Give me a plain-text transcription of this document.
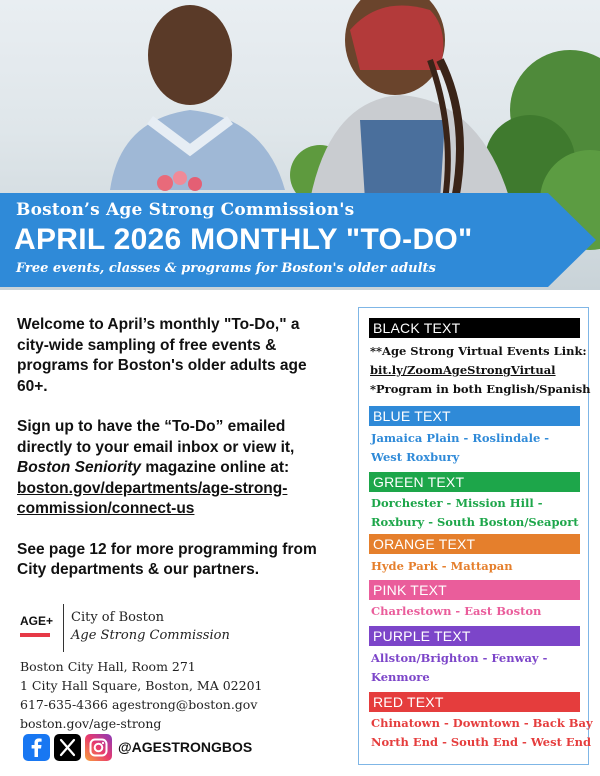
Boston’s Age Strong Commission's
APRIL 2026 MONTHLY "TO-DO"
Free events, classes & programs for Boston's older adults

Welcome to April’s monthly "To-Do," a city-wide sampling of free events & programs for Boston's older adults age 60+.

Sign up to have the “To-Do” emailed directly to your email inbox or view it, Boston Seniority magazine online at: boston.gov/departments/age-strong-commission/connect-us

See page 12 for more programming from City departments & our partners.

AGE+ City of Boston
Age Strong Commission
Boston City Hall, Room 271
1 City Hall Square, Boston, MA 02201
617-635-4366 agestrong@boston.gov
boston.gov/age-strong
@AGESTRONGBOS
BLACK TEXT
**Age Strong Virtual Events Link:
bit.ly/ZoomAgeStrongVirtual
*Program in both English/Spanish
BLUE TEXT
Jamaica Plain - Roslindale -
West Roxbury
GREEN TEXT
Dorchester - Mission Hill -
Roxbury - South Boston/Seaport
ORANGE TEXT
Hyde Park - Mattapan
PINK TEXT
Charlestown - East Boston
PURPLE TEXT
Allston/Brighton - Fenway -
Kenmore
RED TEXT
Chinatown - Downtown - Back Bay
North End - South End - West End
